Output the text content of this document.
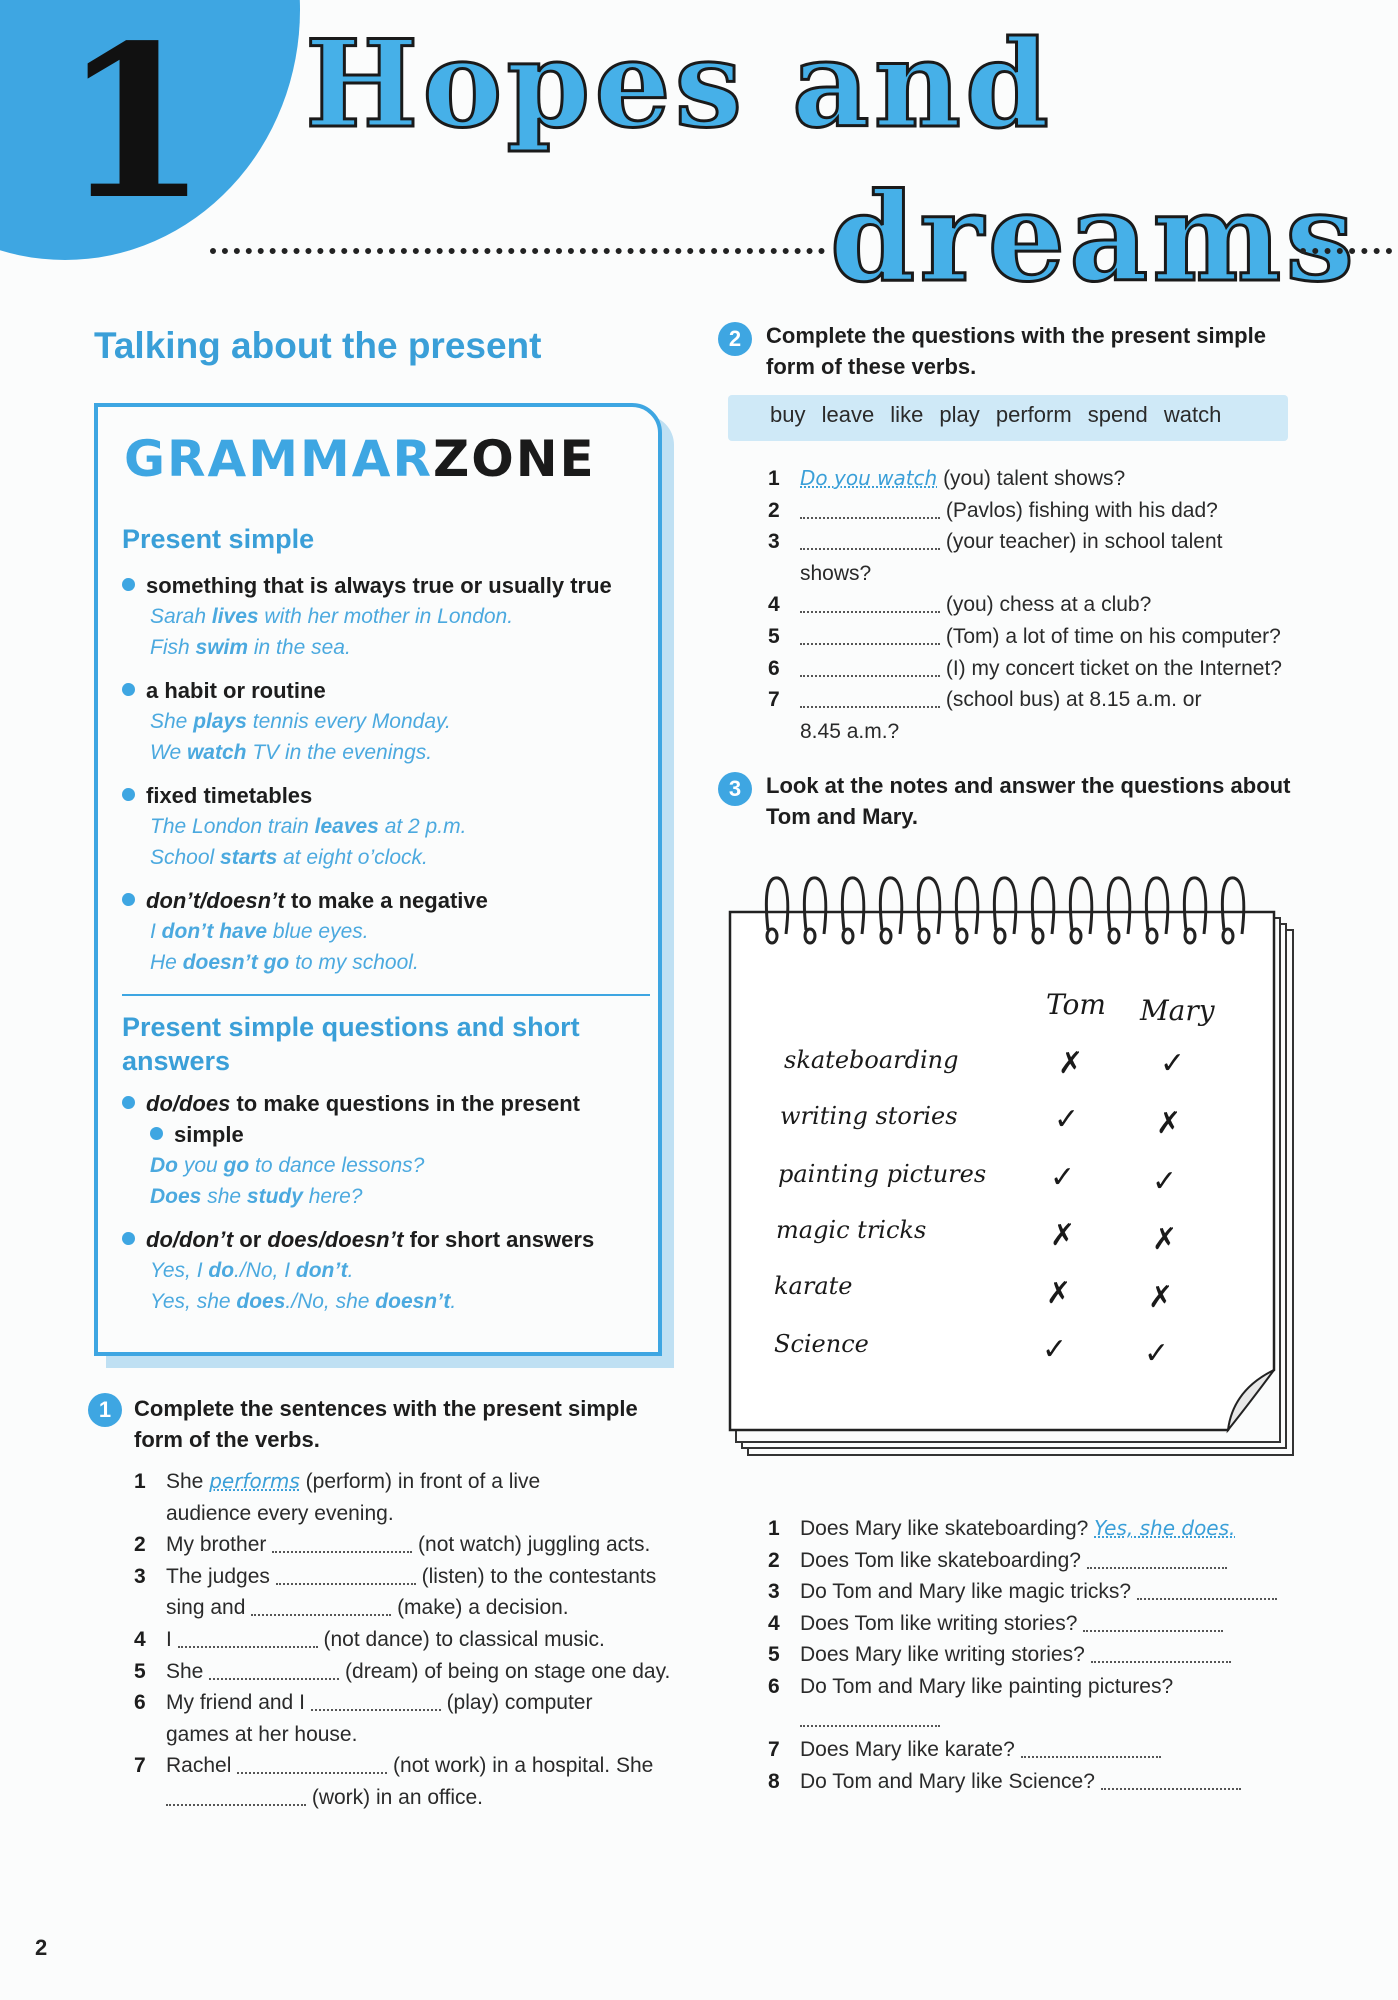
1 Hopes and
dreams
Talking about the present
GRAMMARZONE
Present simple
something that is always true or usually true
Sarah lives with her mother in London.
Fish swim in the sea.
a habit or routine
She plays tennis every Monday.
We watch TV in the evenings.
fixed timetables
The London train leaves at 2 p.m.
School starts at eight o’clock.
don’t/doesn’t to make a negative
I don’t have blue eyes.
He doesn’t go to my school.
Present simple questions and short
answers
do/does to make questions in the present
simple
Do you go to dance lessons?
Does she study here?
do/don’t or does/doesn’t for short answers
Yes, I do./No, I don’t.
Yes, she does./No, she doesn’t.
1	Complete the sentences with the present simple
form of the verbs.
1 She performs (perform) in front of a live
audience every evening.
2 My brother	(not watch) juggling acts.
3 The judges	(listen) to the contestants
sing and	(make) a decision.
4 I	(not dance) to classical music.
5 She	(dream) of being on stage one day.
6 My friend and I	(play) computer
games at her house.
7 Rachel	(not work) in a hospital. She
(work) in an office.
2	Complete the questions with the present simple
form of these verbs.
buy leave like play perform spend watch
1 Do you watch (you) talent shows?
2	(Pavlos) fishing with his dad?
3	(your teacher) in school talent
shows?
4	(you) chess at a club?
5	(Tom) a lot of time on his computer?
6	(I) my concert ticket on the Internet?
7	(school bus) at 8.15 a.m. or
8.45 a.m.?
3	Look at the notes and answer the questions about
Tom and Mary.
Tom Mary
skateboarding	✗	✓
writing stories	✓	✗
painting pictures ✓	✓
magic tricks	✗	✗
karate	✗	✗
Science	✓	✓
1 Does Mary like skateboarding? Yes, she does.
2 Does Tom like skateboarding?
3 Do Tom and Mary like magic tricks?
4 Does Tom like writing stories?
5 Does Mary like writing stories?
6 Do Tom and Mary like painting pictures?
7 Does Mary like karate?
8 Do Tom and Mary like Science?
2
